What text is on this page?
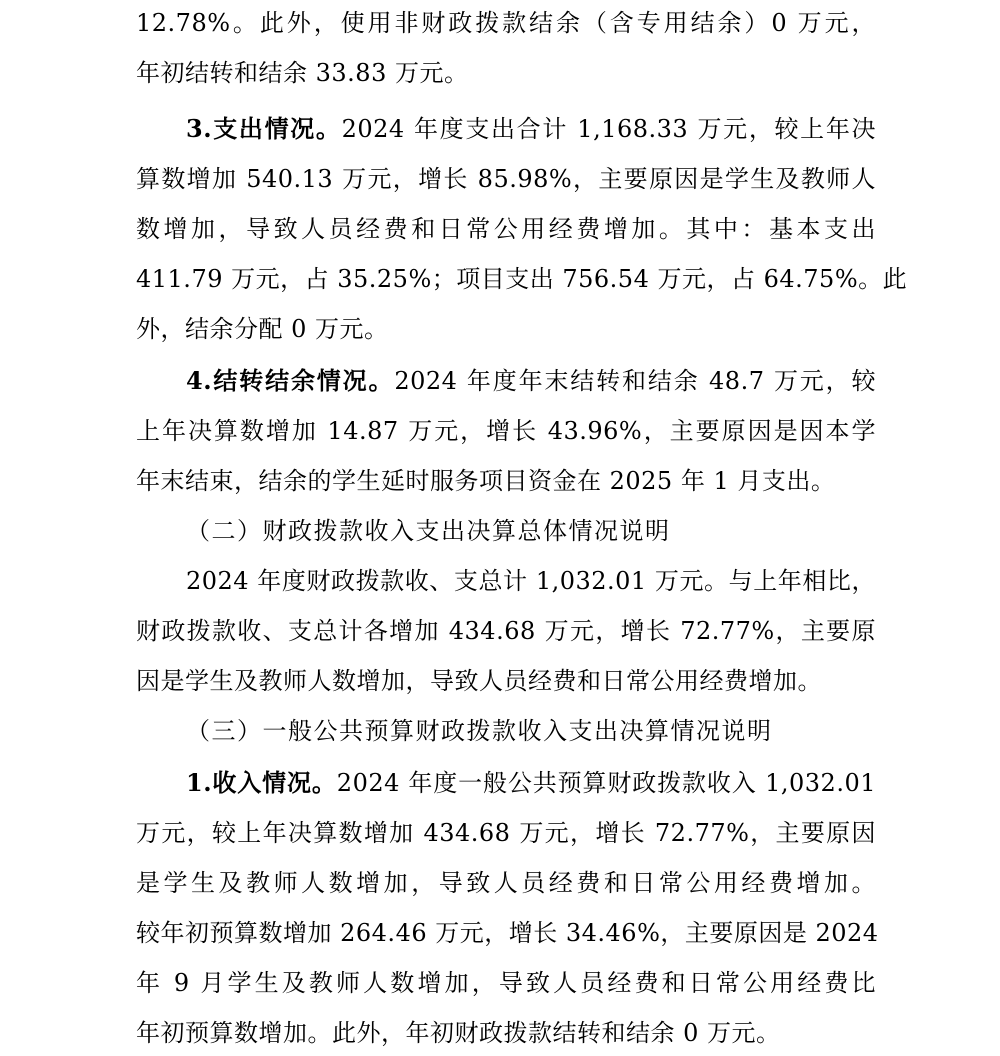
12.78%。此外，使用非财政拨款结余（含专用结余）0 万元，
年初结转和结余 33.83 万元。
3.支出情况。2024 年度支出合计 1,168.33 万元，较上年决
算数增加 540.13 万元，增长 85.98%，主要原因是学生及教师人
数增加，导致人员经费和日常公用经费增加。其中：基本支出
411.79 万元，占 35.25%；项目支出 756.54 万元，占 64.75%。此
外，结余分配 0 万元。
4.结转结余情况。2024 年度年末结转和结余 48.7 万元，较
上年决算数增加 14.87 万元，增长 43.96%，主要原因是因本学
年末结束，结余的学生延时服务项目资金在 2025 年 1 月支出。
（二）财政拨款收入支出决算总体情况说明
2024 年度财政拨款收、支总计 1,032.01 万元。与上年相比，
财政拨款收、支总计各增加 434.68 万元，增长 72.77%，主要原
因是学生及教师人数增加，导致人员经费和日常公用经费增加。
（三）一般公共预算财政拨款收入支出决算情况说明
1.收入情况。2024 年度一般公共预算财政拨款收入 1,032.01
万元，较上年决算数增加 434.68 万元，增长 72.77%，主要原因
是学生及教师人数增加，导致人员经费和日常公用经费增加。
较年初预算数增加 264.46 万元，增长 34.46%，主要原因是 2024
年 9 月学生及教师人数增加，导致人员经费和日常公用经费比
年初预算数增加。此外，年初财政拨款结转和结余 0 万元。
